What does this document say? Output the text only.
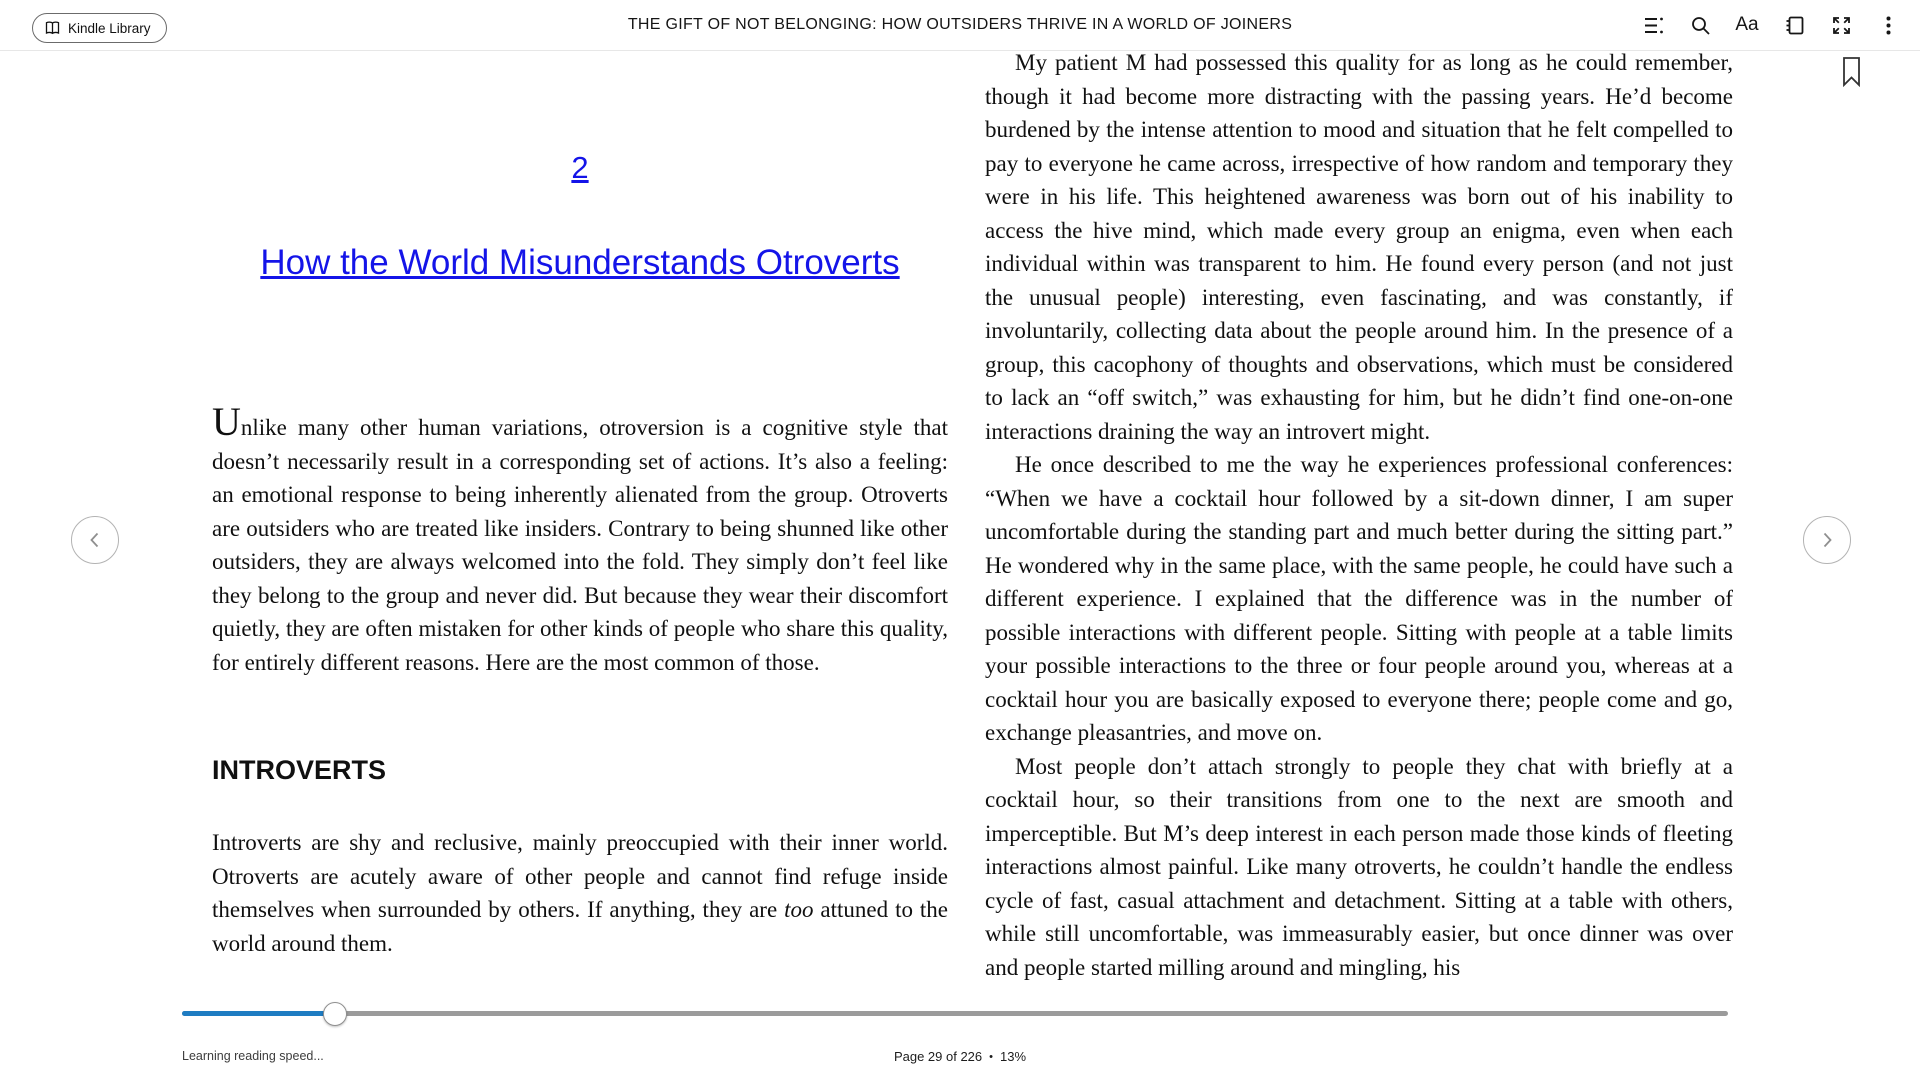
Kindle Library	THE GIFT OF NOT BELONGING: HOW OUTSIDERS THRIVE IN A WORLD OF JOINERS	Aa
2
How the World Misunderstands Otroverts

Unlike many other human variations, otroversion is a cognitive style that doesn’t necessarily result in a corresponding set of actions. It’s also a feeling: an emotional response to being inherently alienated from the group. Otroverts are outsiders who are treated like insiders. Contrary to being shunned like other outsiders, they are always welcomed into the fold. They simply don’t feel like they belong to the group and never did. But because they wear their discomfort quietly, they are often mistaken for other kinds of people who share this quality, for entirely different reasons. Here are the most common of those.

INTROVERTS

Introverts are shy and reclusive, mainly preoccupied with their inner world. Otroverts are acutely aware of other people and cannot find refuge inside themselves when surrounded by others. If anything, they are too attuned to the world around them.

My patient M had possessed this quality for as long as he could remember, though it had become more distracting with the passing years. He’d become burdened by the intense attention to mood and situation that he felt compelled to pay to everyone he came across, irrespective of how random and temporary they were in his life. This heightened awareness was born out of his inability to access the hive mind, which made every group an enigma, even when each individual within was transparent to him. He found every person (and not just the unusual people) interesting, even fascinating, and was constantly, if involuntarily, collecting data about the people around him. In the presence of a group, this cacophony of thoughts and observations, which must be considered to lack an “off switch,” was exhausting for him, but he didn’t find one-on-one interactions draining the way an introvert might.

He once described to me the way he experiences professional conferences: “When we have a cocktail hour followed by a sit-down dinner, I am super uncomfortable during the standing part and much better during the sitting part.” He wondered why in the same place, with the same people, he could have such a different experience. I explained that the difference was in the number of possible interactions with different people. Sitting with people at a table limits your possible interactions to the three or four people around you, whereas at a cocktail hour you are basically exposed to everyone there; people come and go, exchange pleasantries, and move on.

Most people don’t attach strongly to people they chat with briefly at a cocktail hour, so their transitions from one to the next are smooth and imperceptible. But M’s deep interest in each person made those kinds of fleeting interactions almost painful. Like many otroverts, he couldn’t handle the endless cycle of fast, casual attachment and detachment. Sitting at a table with others, while still uncomfortable, was immeasurably easier, but once dinner was over and people started milling around and mingling, his

Learning reading speed...	Page 29 of 226 • 13%
